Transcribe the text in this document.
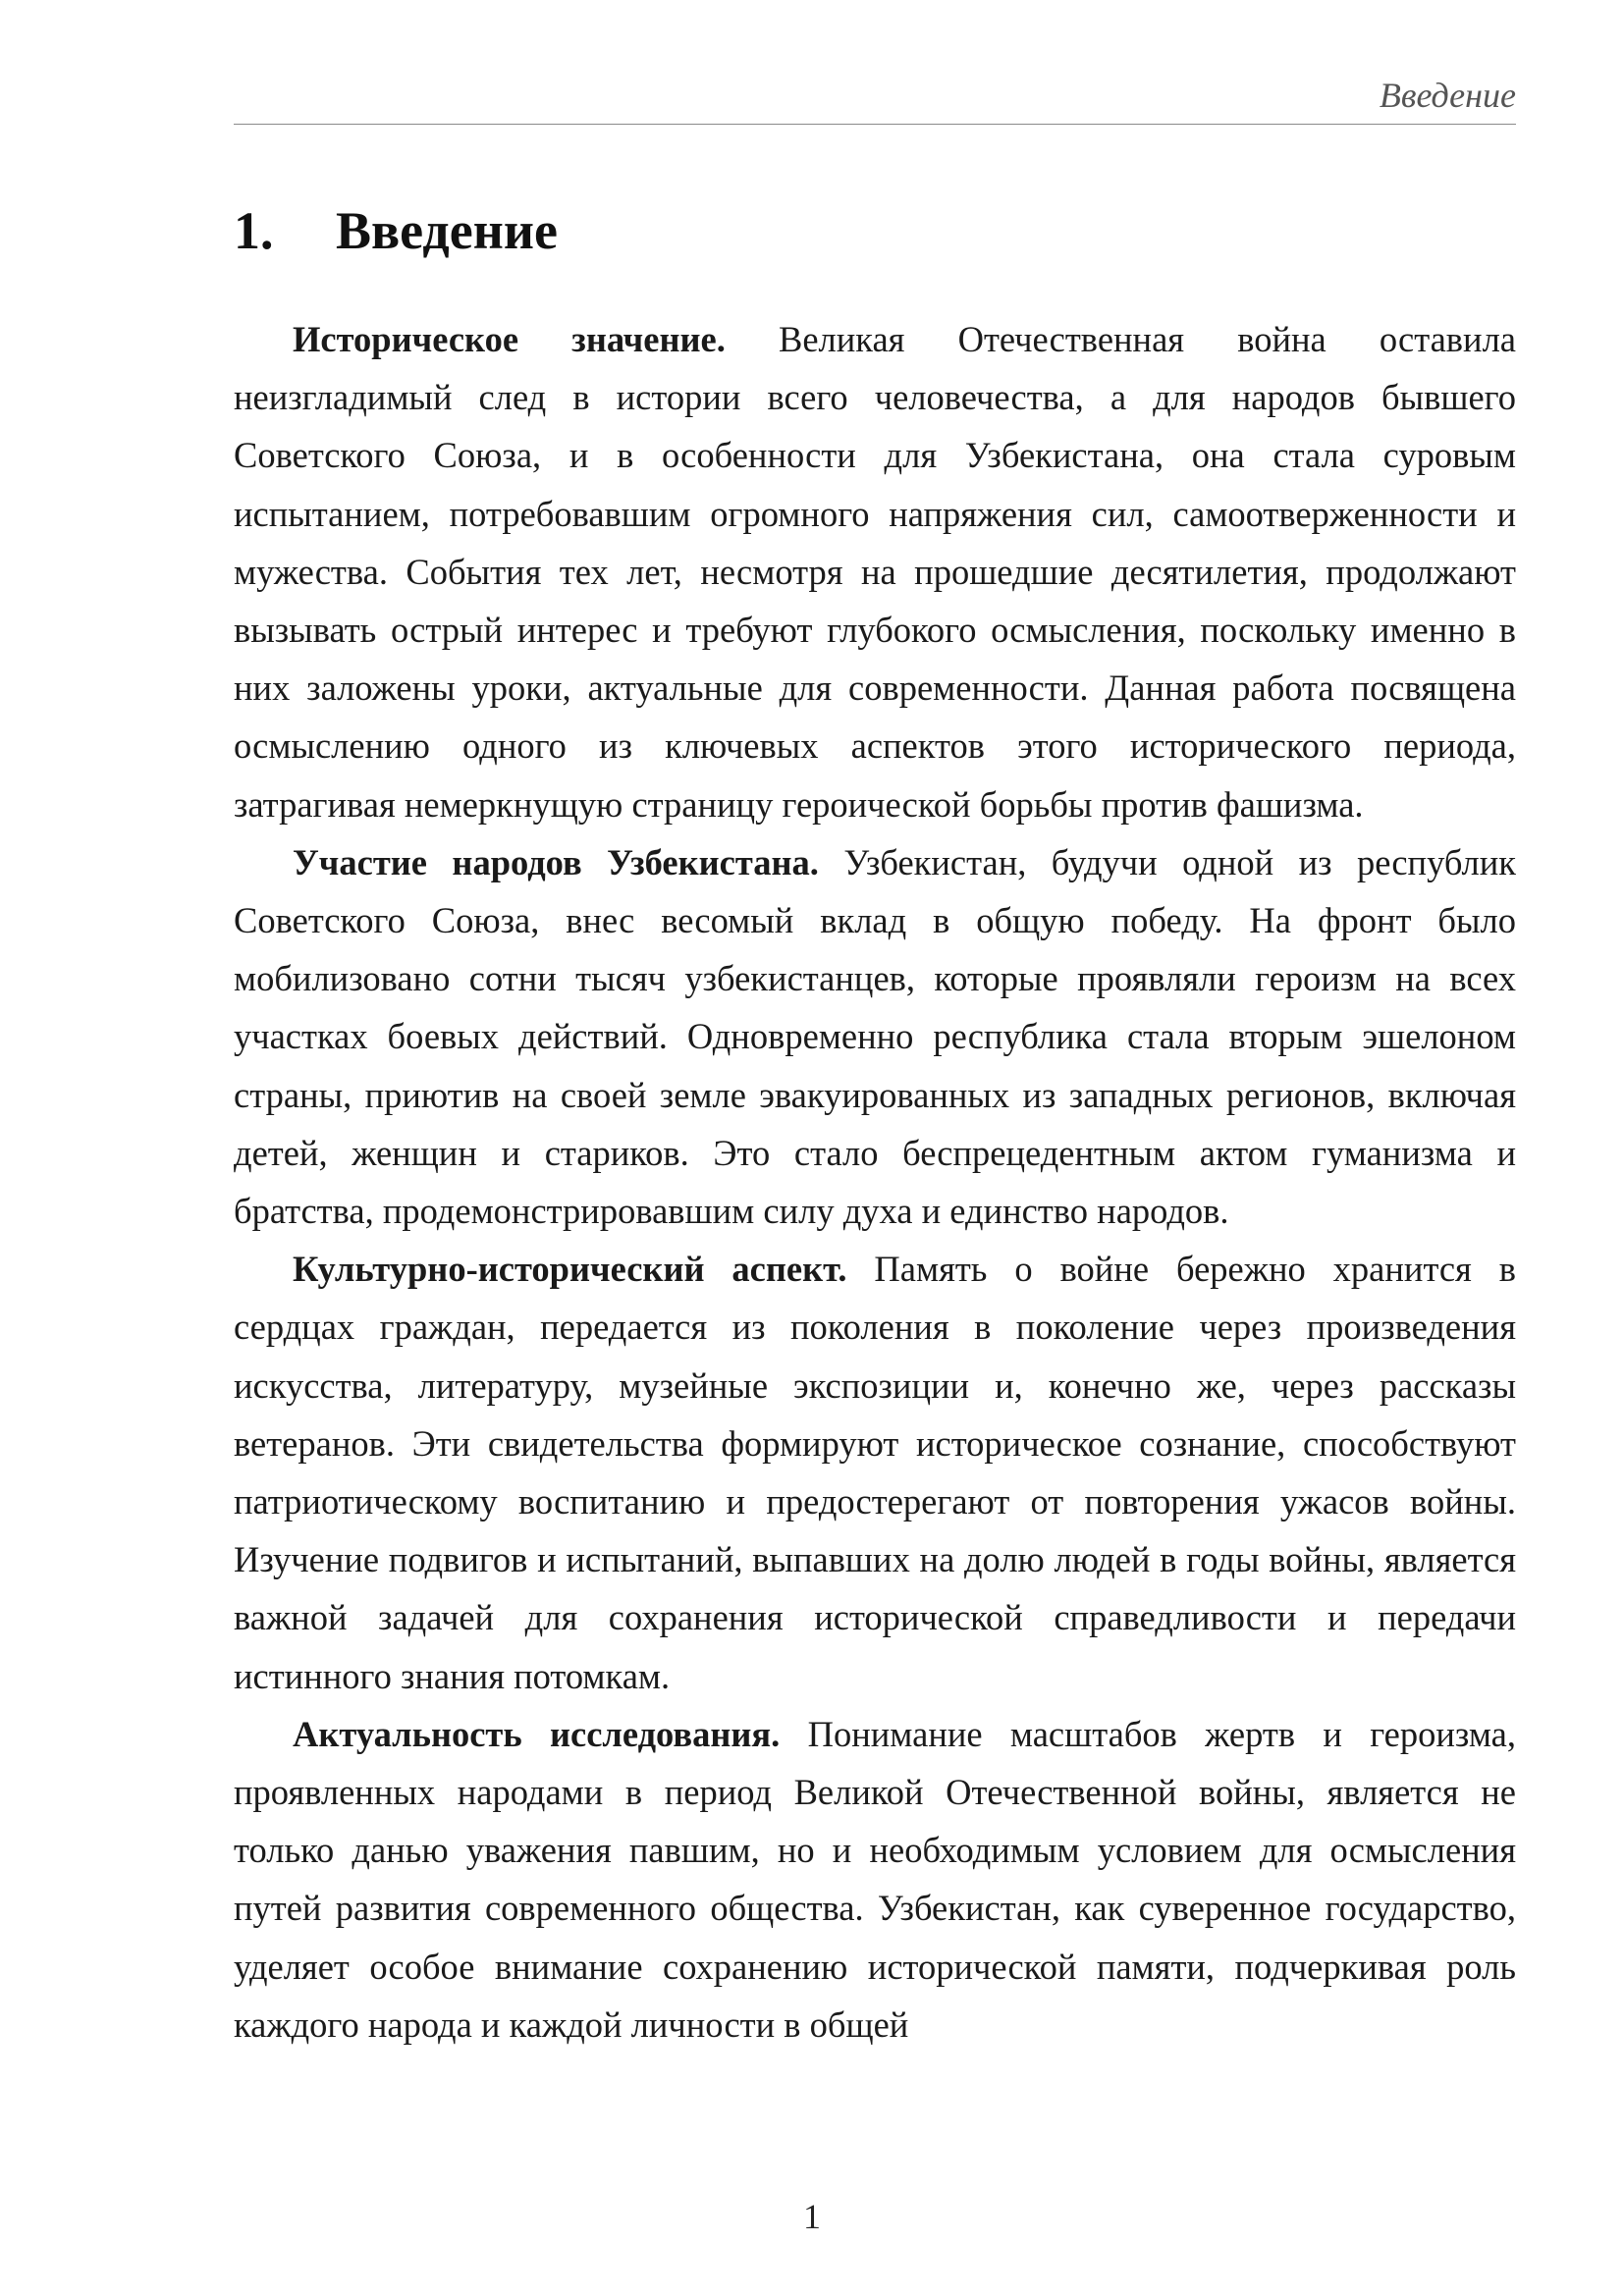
Введение
1.	Введение

Историческое значение. Великая Отечественная война оставила неизгладимый след в истории всего человечества, а для народов бывшего Советского Союза, и в особенности для Узбекистана, она стала суровым испытанием, потребовавшим огромного напряжения сил, самоотверженности и мужества. События тех лет, несмотря на прошедшие десятилетия, продолжают вызывать острый интерес и требуют глубокого осмысления, поскольку именно в них заложены уроки, актуальные для современности. Данная работа посвящена осмыслению одного из ключевых аспектов этого исторического периода, затрагивая немеркнущую страницу героической борьбы против фашизма.

Участие народов Узбекистана. Узбекистан, будучи одной из республик Советского Союза, внес весомый вклад в общую победу. На фронт было мобилизовано сотни тысяч узбекистанцев, которые проявляли героизм на всех участках боевых действий. Одновременно республика стала вторым эшелоном страны, приютив на своей земле эвакуированных из западных регионов, включая детей, женщин и стариков. Это стало беспрецедентным актом гуманизма и братства, продемонстрировавшим силу духа и единство народов.

Культурно-исторический аспект. Память о войне бережно хранится в сердцах граждан, передается из поколения в поколение через произведения искусства, литературу, музейные экспозиции и, конечно же, через рассказы ветеранов. Эти свидетельства формируют историческое сознание, способствуют патриотическому воспитанию и предостерегают от повторения ужасов войны. Изучение подвигов и испытаний, выпавших на долю людей в годы войны, является важной задачей для сохранения исторической справедливости и передачи истинного знания потомкам.

Актуальность исследования. Понимание масштабов жертв и героизма, проявленных народами в период Великой Отечественной войны, является не только данью уважения павшим, но и необходимым условием для осмысления путей развития современного общества. Узбекистан, как суверенное государство, уделяет особое внимание сохранению исторической памяти, подчеркивая роль каждого народа и каждой личности в общей

1
